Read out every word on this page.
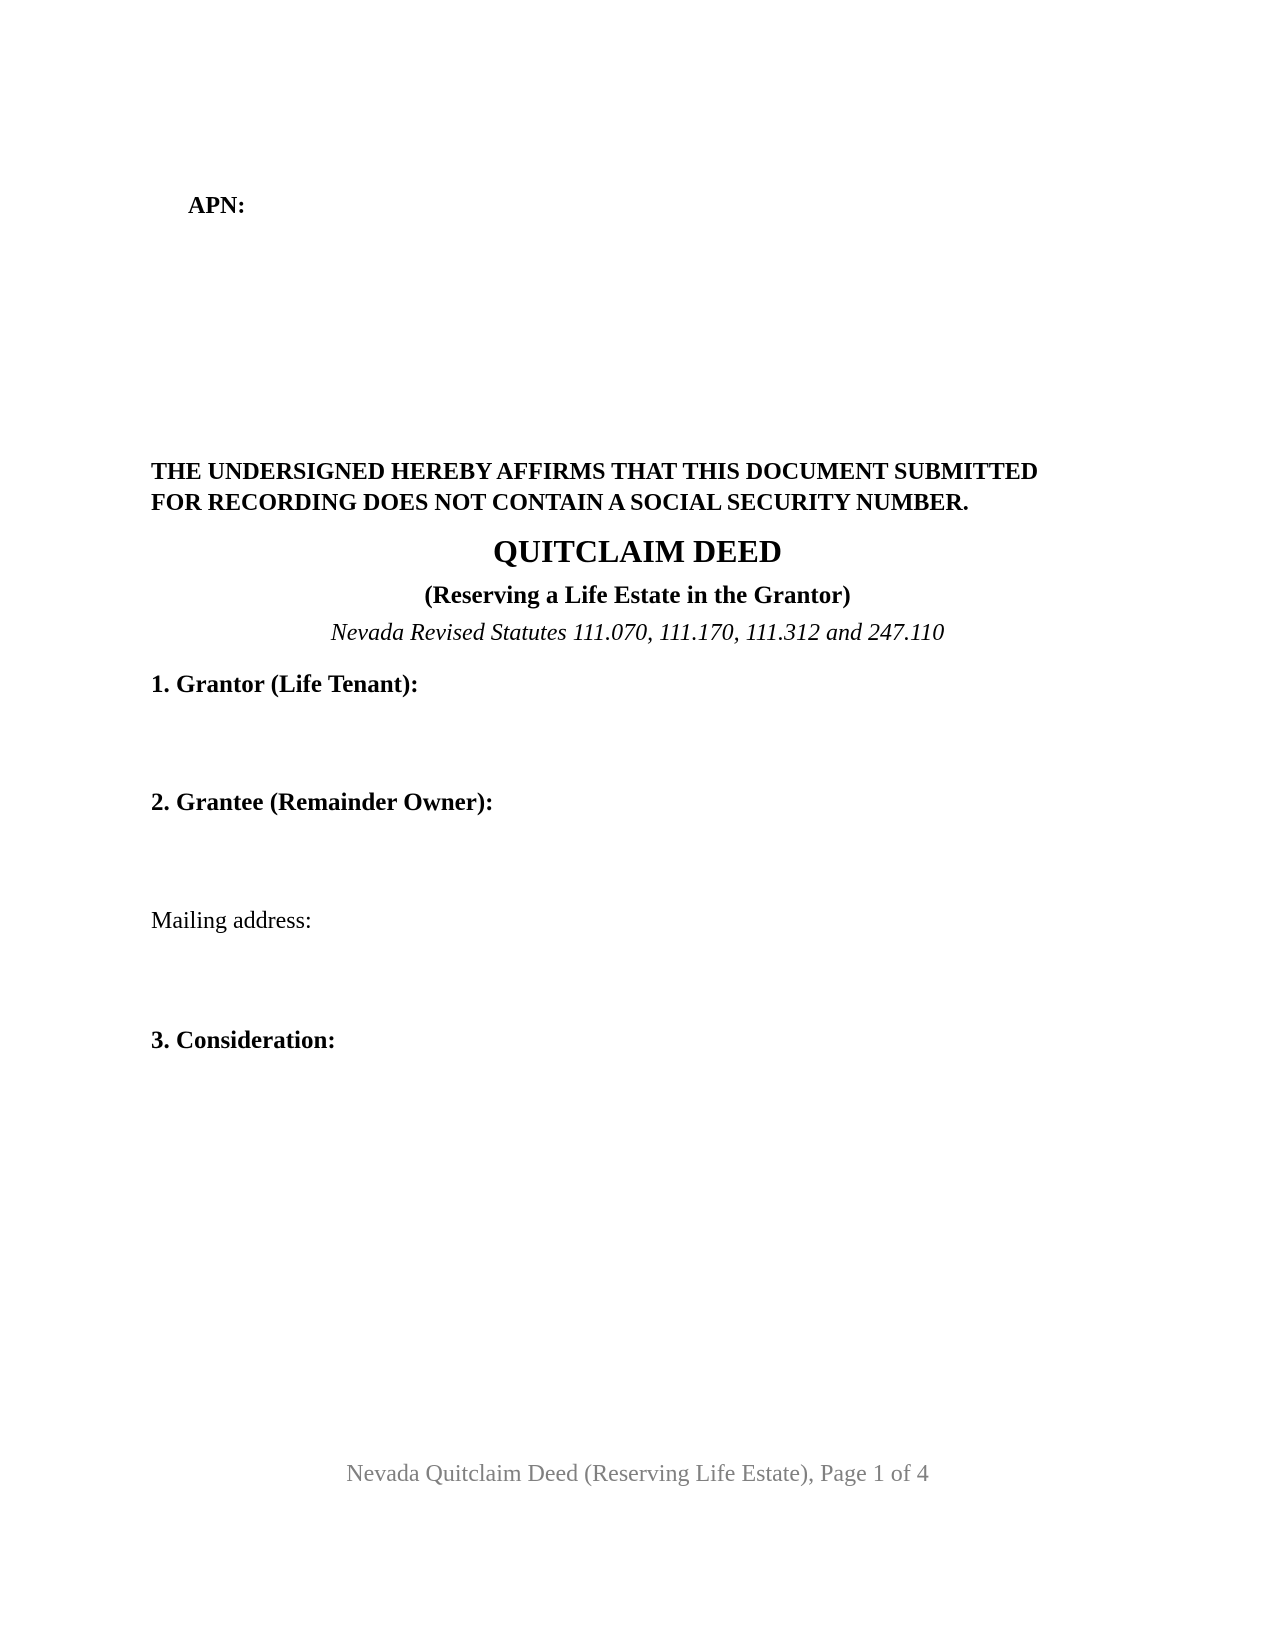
APN:
THE UNDERSIGNED HEREBY AFFIRMS THAT THIS DOCUMENT SUBMITTED
FOR RECORDING DOES NOT CONTAIN A SOCIAL SECURITY NUMBER.
QUITCLAIM DEED
(Reserving a Life Estate in the Grantor)
Nevada Revised Statutes 111.070, 111.170, 111.312 and 247.110
1. Grantor (Life Tenant):
2. Grantee (Remainder Owner):
Mailing address:
3. Consideration:
Nevada Quitclaim Deed (Reserving Life Estate), Page 1 of 4
